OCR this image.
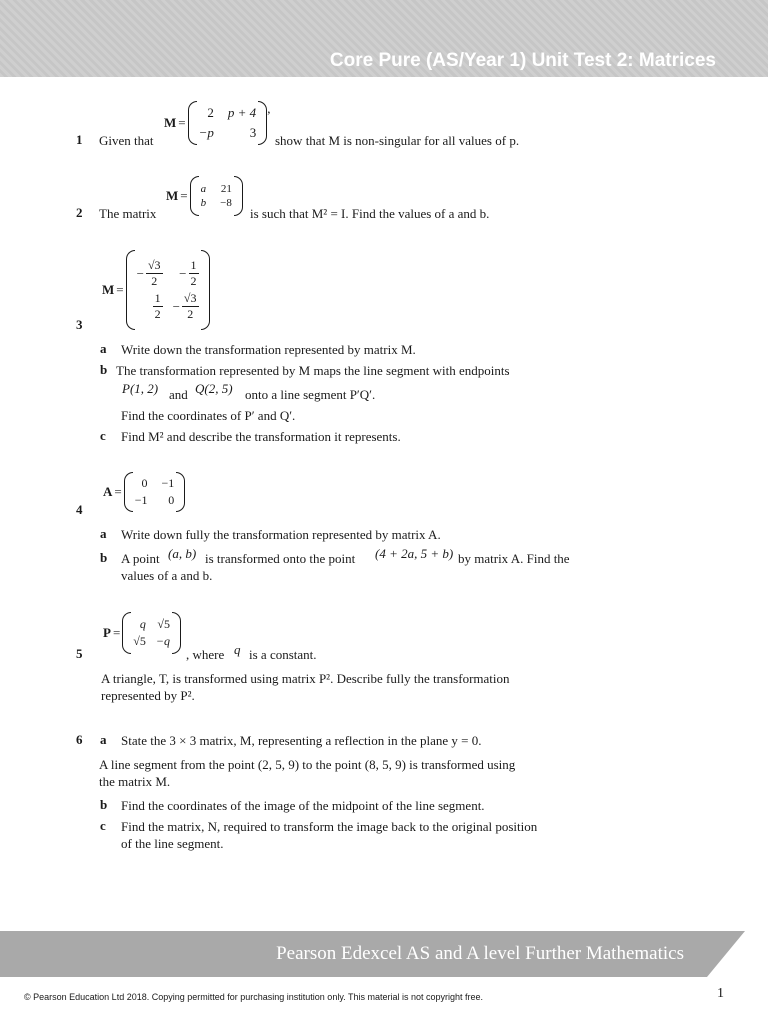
Core Pure (AS/Year 1) Unit Test 2: Matrices
1 Given that
M =
2 p + 4
−p	3
,
show that M is non-singular for all values of p.
2 The matrix
M = a 21
b −8
is such that M² = I. Find the values of a and b.
M =
− $\frac{√3}{2} - \frac{1}{2}$
$\frac{1}{2} - \frac{√3}{2}$
3
a Write down the transformation represented by matrix M.
b The transformation represented by M maps the line segment with endpoints
P(1, 2) and Q(2, 5) onto a line segment P′Q′.
Find the coordinates of P′ and Q′.
c Find M² and describe the transformation it represents.
A =
0 −1
−1	0
4
a Write down fully the transformation represented by matrix A.
b A point (a, b) is transformed onto the point (4 + 2a, 5 + b) by matrix A. Find the
values of a and b.
P =
q √5
√5 −q
5	, where q is a constant.
A triangle, T, is transformed using matrix P². Describe fully the transformation
represented by P².
6 a State the 3 × 3 matrix, M, representing a reflection in the plane y = 0.
A line segment from the point (2, 5, 9) to the point (8, 5, 9) is transformed using
the matrix M.
b Find the coordinates of the image of the midpoint of the line segment.
c Find the matrix, N, required to transform the image back to the original position
of the line segment.
Pearson Edexcel AS and A level Further Mathematics
© Pearson Education Ltd 2018. Copying permitted for purchasing institution only. This material is not copyright free.	1
